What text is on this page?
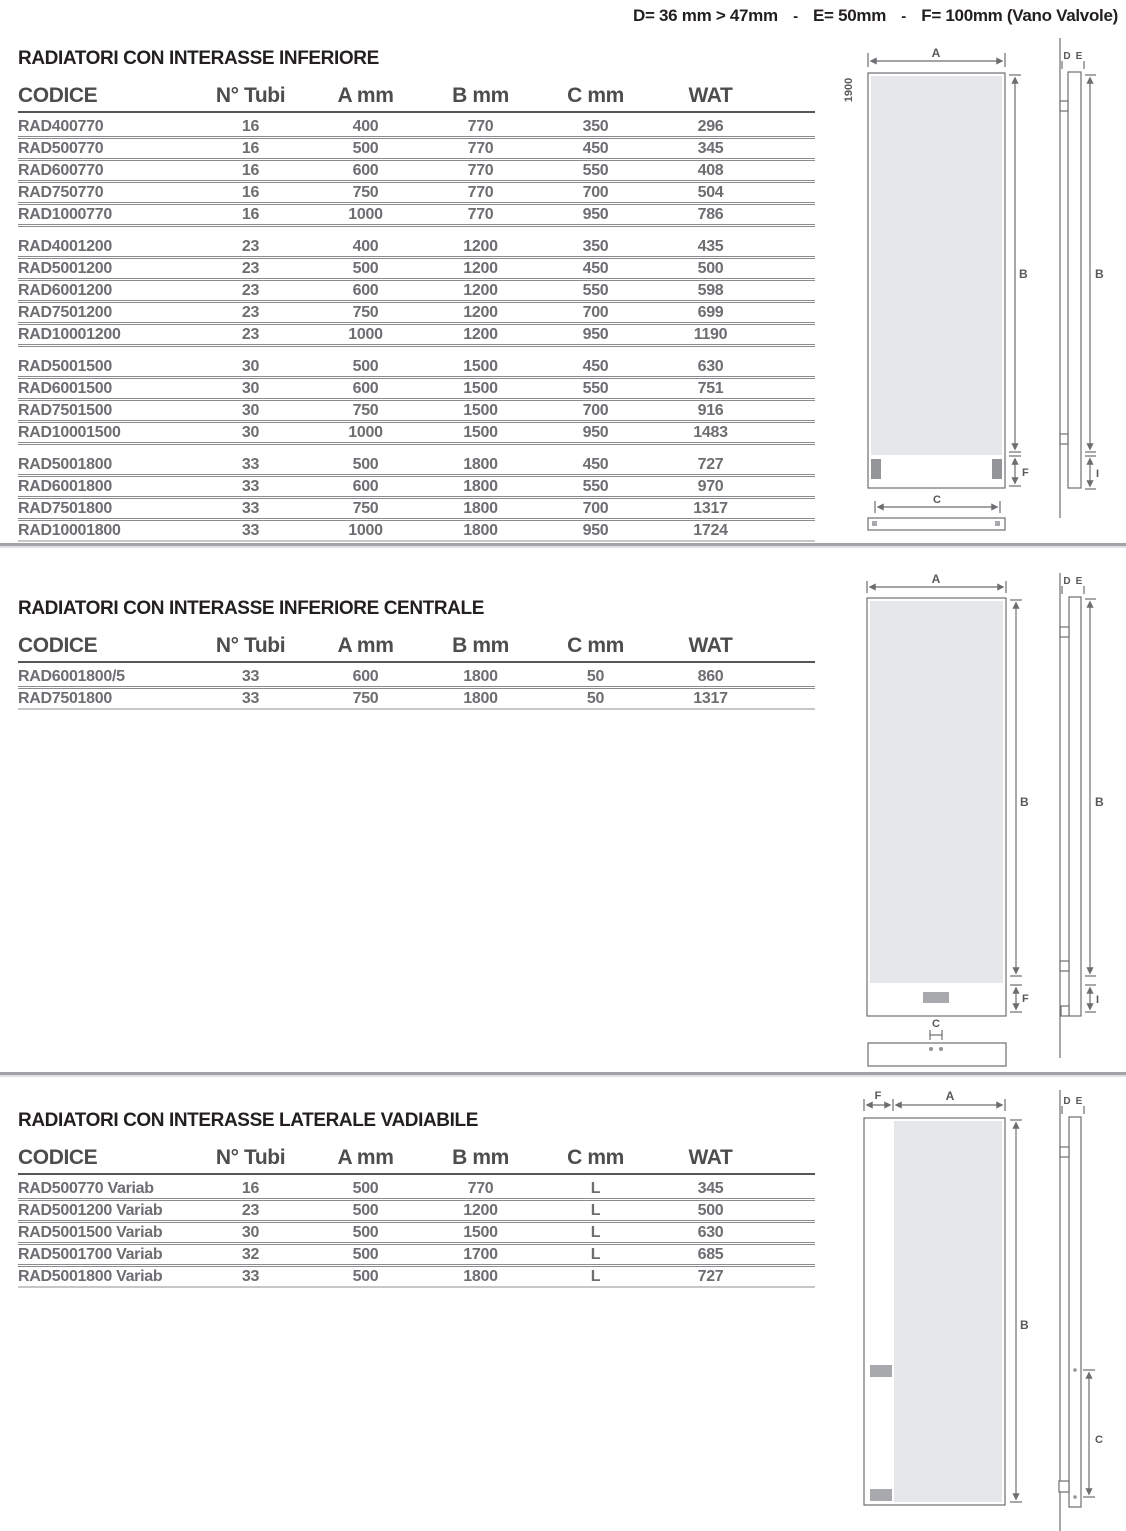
D= 36 mm > 47mm - E= 50mm - F= 100mm (Vano Valvole)
RADIATORI CON INTERASSE INFERIORE
CODICE	N° Tubi	A mm	B mm	C mm	WAT	
RAD400770	16	400	770	350	296	
RAD500770	16	500	770	450	345	
RAD600770	16	600	770	550	408	
RAD750770	16	750	770	700	504	
RAD1000770	16	1000	770	950	786	
RAD4001200	23	400	1200	350	435	
RAD5001200	23	500	1200	450	500	
RAD6001200	23	600	1200	550	598	
RAD7501200	23	750	1200	700	699	
RAD10001200	23	1000	1200	950	1190	
RAD5001500	30	500	1500	450	630	
RAD6001500	30	600	1500	550	751	
RAD7501500	30	750	1500	700	916	
RAD10001500	30	1000	1500	950	1483	
RAD5001800	33	500	1800	450	727	
RAD6001800	33	600	1800	550	970	
RAD7501800	33	750	1800	700	1317	
RAD10001800	33	1000	1800	950	1724	
RADIATORI CON INTERASSE INFERIORE CENTRALE
CODICE	N° Tubi	A mm	B mm	C mm	WAT	
RAD6001800/5	33	600	1800	50	860	
RAD7501800	33	750	1800	50	1317	
RADIATORI CON INTERASSE LATERALE VADIABILE
CODICE	N° Tubi	A mm	B mm	C mm	WAT	
RAD500770 Variab	16	500	770	L	345	
RAD5001200 Variab	23	500	1200	L	500	
RAD5001500 Variab	30	500	1500	L	630	
RAD5001700 Variab	32	500	1700	L	685	
RAD5001800 Variab	33	500	1800	L	727	
A
1900
B
F
C
D E
B
I
A
B
F
C
D E
B
I
F	A
B
C
D E
